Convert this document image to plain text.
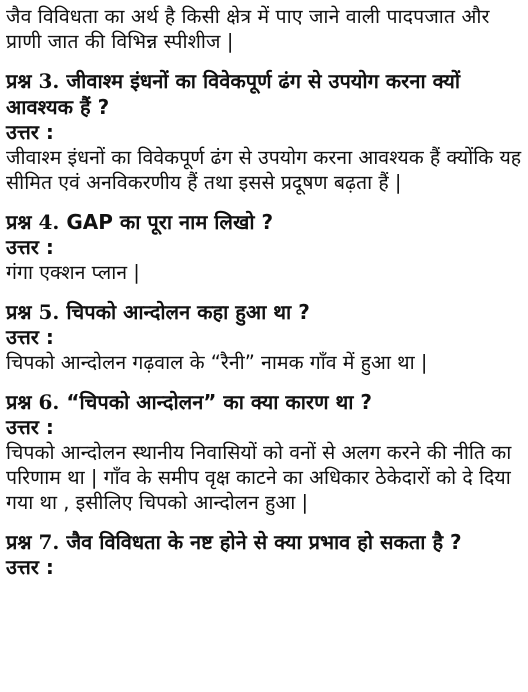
जैव विविधता का अर्थ है किसी क्षेत्र में पाए जाने वाली पादपजात और प्राणी जात की विभिन्न स्पीशीज |

प्रश्न 3. जीवाश्म इंधनों का विवेकपूर्ण ढंग से उपयोग करना क्यों आवश्यक हैं ?

उत्तर :

जीवाश्म इंधनों का विवेकपूर्ण ढंग से उपयोग करना आवश्यक हैं क्योंकि यह सीमित एवं अनविकरणीय हैं तथा इससे प्रदूषण बढ़ता हैं |

प्रश्न 4. GAP का पूरा नाम लिखो ?

उत्तर :

गंगा एक्शन प्लान |

प्रश्न 5. चिपको आन्दोलन कहा हुआ था ?

उत्तर :

चिपको आन्दोलन गढ़वाल के “रैनी” नामक गाँव में हुआ था |

प्रश्न 6. “चिपको आन्दोलन” का क्या कारण था ?

उत्तर :

चिपको आन्दोलन स्थानीय निवासियों को वनों से अलग करने की नीति का परिणाम था | गाँव के समीप वृक्ष काटने का अधिकार ठेकेदारों को दे दिया गया था , इसीलिए चिपको आन्दोलन हुआ |

प्रश्न 7. जैव विविधता के नष्ट होने से क्या प्रभाव हो सकता है ?

उत्तर :
